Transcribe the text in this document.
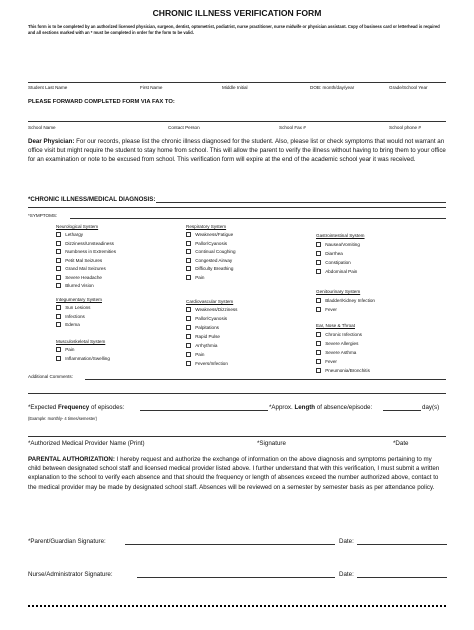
CHRONIC ILLNESS VERIFICATION FORM
This form is to be completed by an authorized licensed physician, surgeon, dentist, optometrist, podiatrist, nurse practitioner, nurse midwife or physician assistant. Copy of business card or letterhead is required and all sections marked with an * must be completed in order for the form to be valid.
Student Last Name	First Name	Middle Initial	DOB: month/day/year	Grade/School Year
PLEASE FORWARD COMPLETED FORM VIA FAX TO:
School Name	Contact Person	School Fax #	School phone #
Dear Physician: For our records, please list the chronic illness diagnosed for the student. Also, please list or check symptoms that would not warrant an office visit but might require the student to stay home from school. This will allow the parent to verify the illness without having to bring them to your office for an examination or note to be excused from school. This verification form will expire at the end of the academic school year it was received.
*CHRONIC ILLNESS/MEDICAL DIAGNOSIS:
*SYMPTOMS:
Neurological System
Lethargy
Dizziness/Unsteadiness
Numbness in Extremities
Petit Mal Seizures
Grand Mal Seizures
Severe Headache
Blurred Vision
Integumentary System
Sun Lesions
Infections
Edema
Musculoskeletal System
Pain
Inflammation/Swelling
Respiratory System
Weakness/Fatigue
Pallor/Cyanosis
Continual Coughing
Congested Airway
Difficulty Breathing
Pain
Cardiovascular System
Weakness/Dizziness
Pallor/Cyanosis
Palpitations
Rapid Pulse
Arrhythmia
Pain
Fevers/Infection
Gastrointestinal System
Nausea/Vomiting
Diarrhea
Constipation
Abdominal Pain
Genitourinary System
Bladder/Kidney Infection
Fever
Ear, Nose & Throat
Chronic Infections
Severe Allergies
Severe Asthma
Fever
Pneumonia/Bronchitis
Additional Comments:
*Expected Frequency of episodes:	*Approx. Length of absence/episode:	day(s)
(Example: monthly- 4 times/semester)
*Authorized Medical Provider Name (Print)	*Signature	*Date
PARENTAL AUTHORIZATION: I hereby request and authorize the exchange of information on the above diagnosis and symptoms pertaining to my child between designated school staff and licensed medical provider listed above. I further understand that with this verification, I must submit a written explanation to the school to verify each absence and that should the frequency or length of absences exceed the number authorized above, contact to the medical provider may be made by designated school staff. Absences will be reviewed on a semester by semester basis as per attendance policy.
*Parent/Guardian Signature:	Date:
Nurse/Administrator Signature:	Date:
